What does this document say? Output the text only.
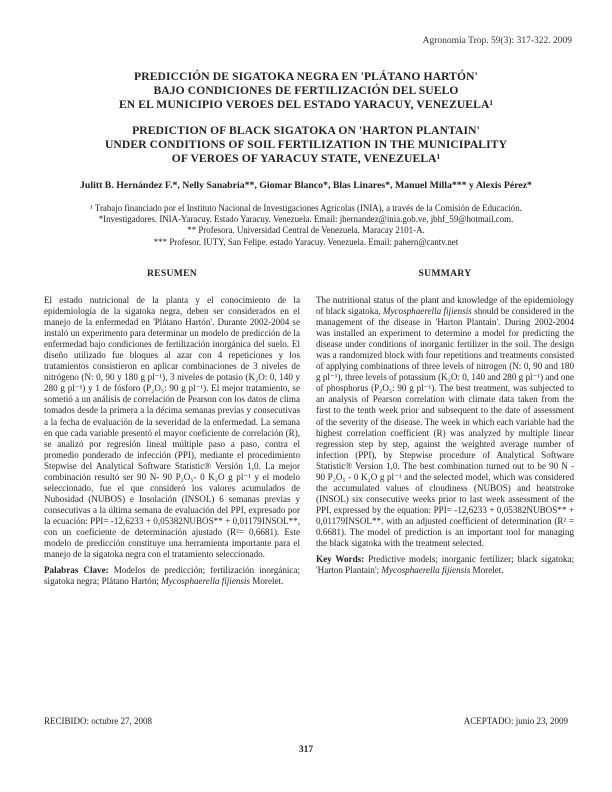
Agronomía Trop. 59(3): 317-322. 2009
PREDICCIÓN DE SIGATOKA NEGRA EN 'PLÁTANO HARTÓN'
BAJO CONDICIONES DE FERTILIZACIÓN DEL SUELO
EN EL MUNICIPIO VEROES DEL ESTADO YARACUY, VENEZUELA¹
PREDICTION OF BLACK SIGATOKA ON 'HARTON PLANTAIN'
UNDER CONDITIONS OF SOIL FERTILIZATION IN THE MUNICIPALITY
OF VEROES OF YARACUY STATE, VENEZUELA¹
Julitt B. Hernández F.*, Nelly Sanabria**, Giomar Blanco*, Blas Linares*, Manuel Milla*** y Alexis Pérez*
¹ Trabajo financiado por el Instituto Nacional de Investigaciones Agrícolas (INIA), a través de la Comisión de Educación.
*Investigadores. INIA-Yaracuy. Estado Yaracuy. Venezuela. Email: jhernandez@inia.gob.ve, jbhf_59@hotmail.com.
** Profesora. Universidad Central de Venezuela. Maracay 2101-A.
*** Profesor. IUTY, San Felipe. estado Yaracuy. Venezuela. Email: pahern@cantv.net
RESUMEN

El estado nutricional de la planta y el conocimiento de la epidemiología de la sigatoka negra, deben ser considerados en el manejo de la enfermedad en 'Plátano Hartón'. Durante 2002-2004 se instaló un experimento para determinar un modelo de predicción de la enfermedad bajo condiciones de fertilización inorgánica del suelo. El diseño utilizado fue bloques al azar con 4 repeticiones y los tratamientos consistieron en aplicar combinaciones de 3 niveles de nitrógeno (N: 0, 90 y 180 g pl⁻¹), 3 niveles de potasio (K₂O: 0, 140 y 280 g pl⁻¹) y 1 de fósforo (P₂O₅: 90 g pl⁻¹). El mejor tratamiento, se sometió a un análisis de correlación de Pearson con los datos de clima tomados desde la primera a la décima semanas previas y consecutivas a la fecha de evaluación de la severidad de la enfermedad. La semana en que cada variable presentó el mayor coeficiente de correlación (R), se analizó por regresión lineal múltiple paso a paso, contra el promedio ponderado de infección (PPI), mediante el procedimiento Stepwise del Analytical Software Statistic® Versión 1,0. La mejor combinación resultó ser 90 N- 90 P₂O₅- 0 K₂O g pl⁻¹ y el modelo seleccionado, fue el que consideró los valores acumulados de Nubosidad (NUBOS) e Insolación (INSOL) 6 semanas previas y consecutivas a la última semana de evaluación del PPI, expresado por la ecuación: PPI= -12,6233 + 0,05382NUBOS** + 0,01179INSOL**, con un coeficiente de determinación ajustado (R²= 0,6681). Este modelo de predicción constituye una herramienta importante para el manejo de la sigatoka negra con el tratamiento seleccionado.

Palabras Clave: Modelos de predicción; fertilización inorgánica; sigatoka negra; Plátano Hartón; Mycosphaerella fijiensis Morelet.

SUMMARY

The nutritional status of the plant and knowledge of the epidemiology of black sigatoka, Mycosphaerella fijiensis should be considered in the management of the disease in 'Harton Plantain'. During 2002-2004 was installed an experiment to determine a model for predicting the disease under conditions of inorganic fertilizer in the soil. The design was a randomized block with four repetitions and treatments consisted of applying combinations of three levels of nitrogen (N: 0, 90 and 180 g pl⁻¹), three levels of potassium (K₂O: 0, 140 and 280 g pl⁻¹) and one of phosphorus (P₂O₅: 90 g pl⁻¹). The best treatment, was subjected to an analysis of Pearson correlation with climate data taken from the first to the tenth week prior and subsequent to the date of assessment of the severity of the disease. The week in which each variable had the highest correlation coefficient (R) was analyzed by multiple linear regression step by step, against the weighted average number of infection (PPI), by Stepwise procedure of Analytical Software Statistic® Version 1,0. The best combination turned out to be 90 N - 90 P₂O₅ - 0 K₂O g pl⁻¹ and the selected model, which was considered the accumulated values of cloudiness (NUBOS) and heatstroke (INSOL) six consecutive weeks prior to last week assessment of the PPI, expressed by the equation: PPI= -12,6233 + 0,05382NUBOS** + 0,01179INSOL**. with an adjusted coefficient of determination (R² = 0.6681). The model of prediction is an important tool for managing the black sigatoka with the treatment selected.

Key Words: Predictive models; inorganic fertilizer; black sigatoka; 'Harton Plantain'; Mycosphaerella fijiensis Morelet.

RECIBIDO: octubre 27, 2008	ACEPTADO: junio 23, 2009
317
